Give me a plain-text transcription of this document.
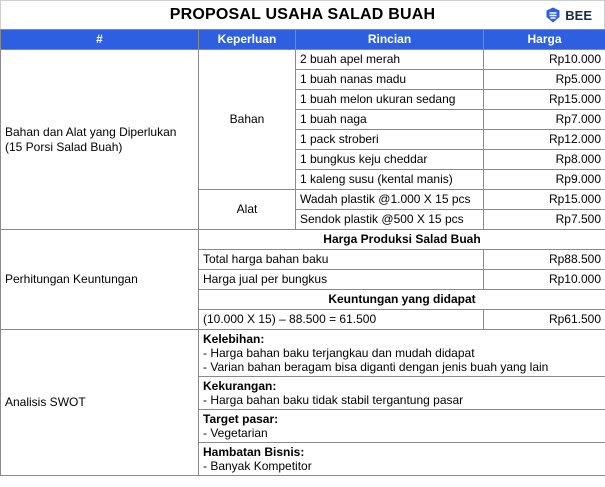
PROPOSAL USAHA SALAD BUAH	BEE
#	Keperluan	Rincian	Harga
Bahan dan Alat yang Diperlukan
(15 Porsi Salad Buah)	Bahan	2 buah apel merah	Rp10.000
		1 buah nanas madu	Rp5.000
		1 buah melon ukuran sedang	Rp15.000
		1 buah naga	Rp7.000
		1 pack stroberi	Rp12.000
		1 bungkus keju cheddar	Rp8.000
		1 kaleng susu (kental manis)	Rp9.000
	Alat	Wadah plastik @1.000 X 15 pcs	Rp15.000
		Sendok plastik @500 X 15 pcs	Rp7.500
Perhitungan Keuntungan	Harga Produksi Salad Buah		
	Total harga bahan baku		Rp88.500
	Harga jual per bungkus		Rp10.000
	Keuntungan yang didapat		
	(10.000 X 15) – 88.500 = 61.500		Rp61.500
Analisis SWOT	Kelebihan:
- Harga bahan baku terjangkau dan mudah didapat
- Varian bahan beragam bisa diganti dengan jenis buah yang lain		

	Kekurangan:
- Harga bahan baku tidak stabil tergantung pasar		

	Target pasar:
- Vegetarian		

	Hambatan Bisnis:
- Banyak Kompetitor		
